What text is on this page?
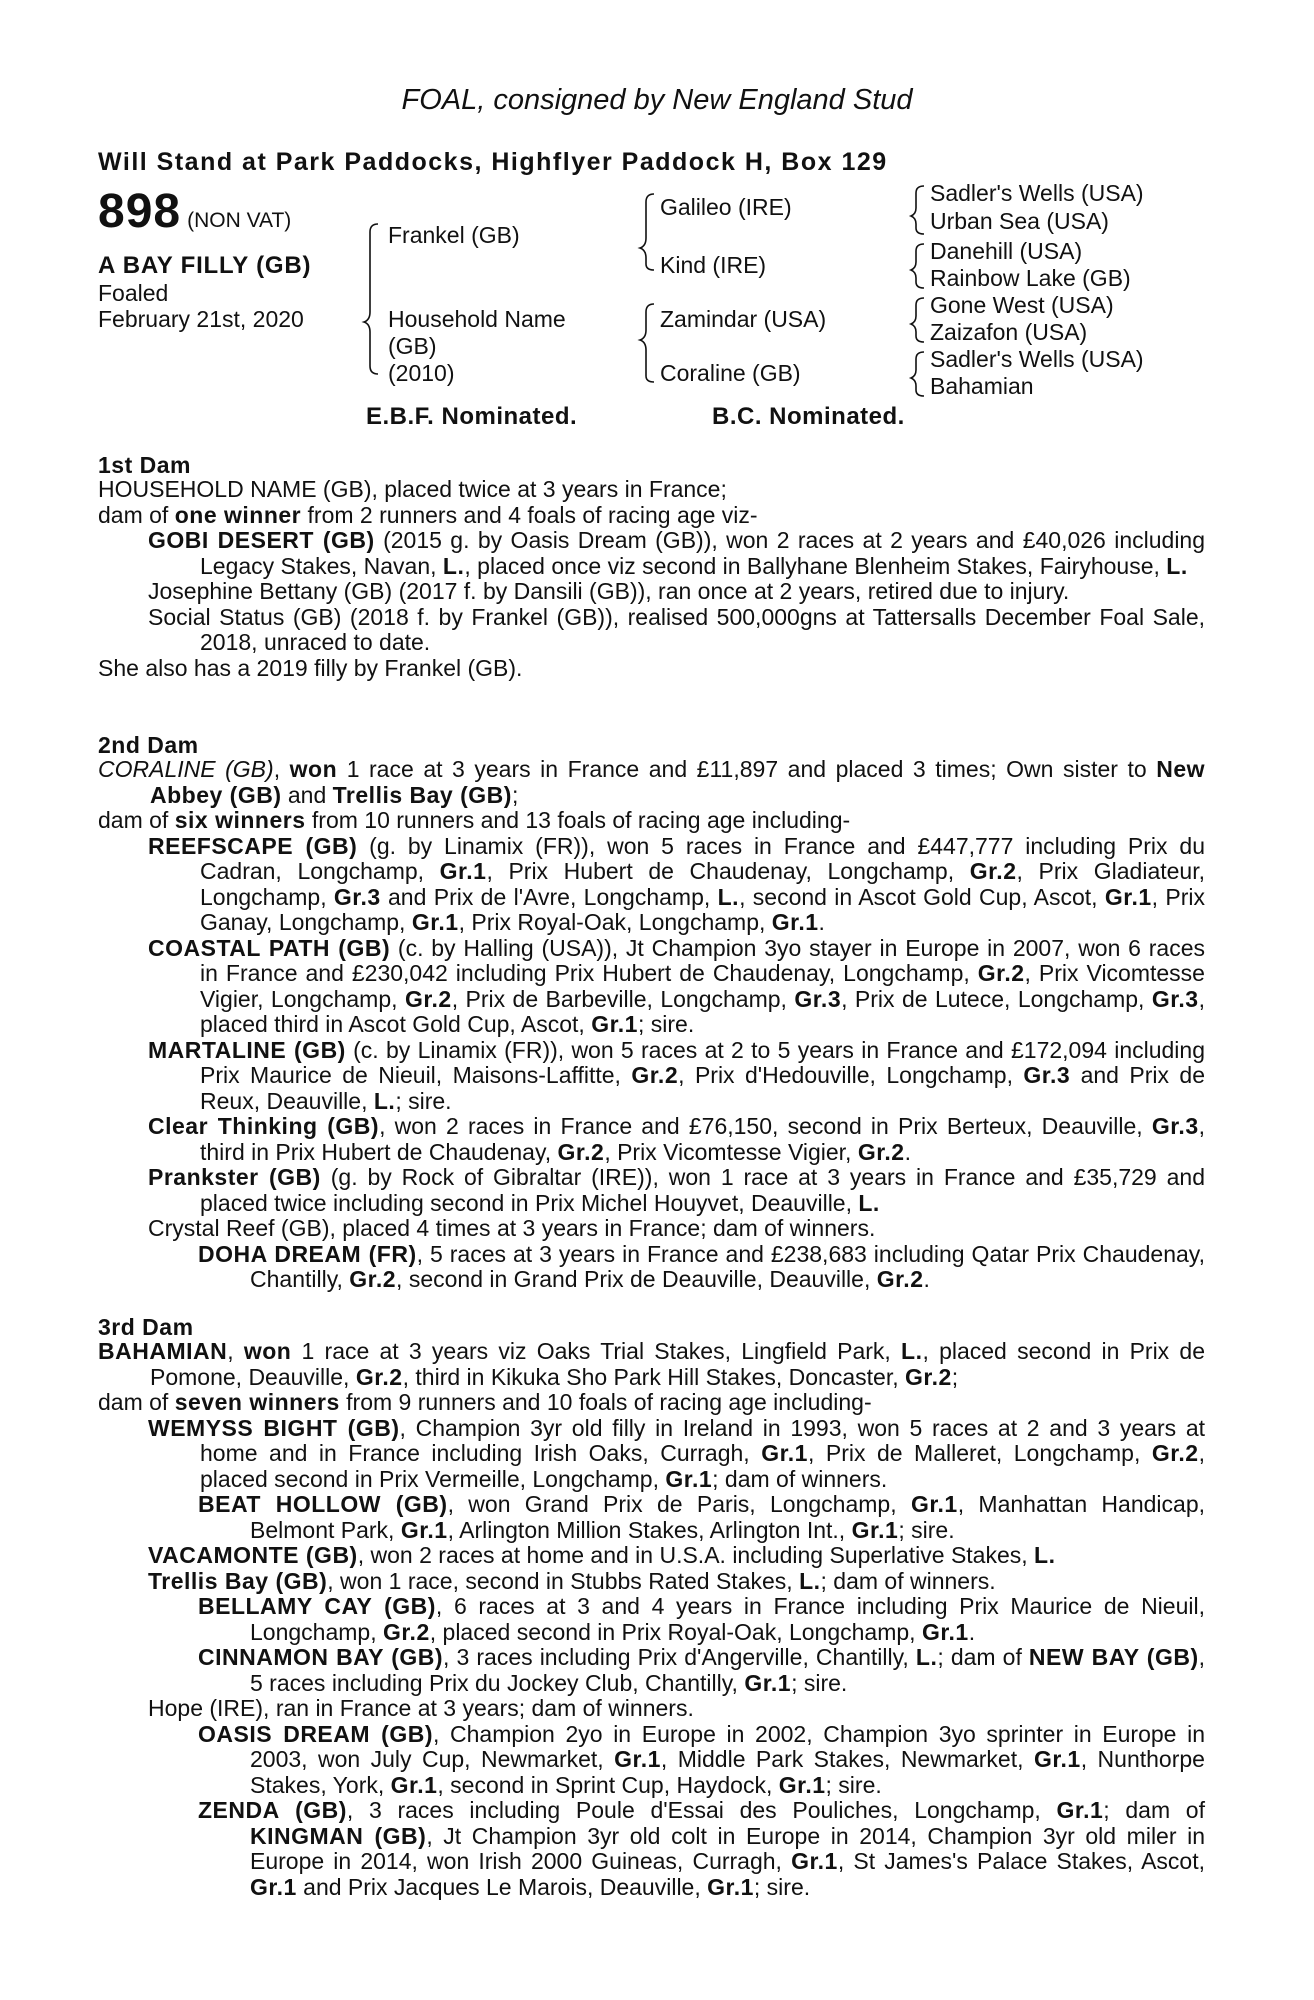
FOAL, consigned by New England Stud
Will Stand at Park Paddocks, Highflyer Paddock H, Box 129
898 (NON VAT)
A BAY FILLY (GB)
Foaled
February 21st, 2020
Frankel (GB)
Household Name
(GB)
(2010)
Galileo (IRE)
Kind (IRE)
Zamindar (USA)
Coraline (GB)
Sadler's Wells (USA)
Urban Sea (USA)
Danehill (USA)
Rainbow Lake (GB)
Gone West (USA)
Zaizafon (USA)
Sadler's Wells (USA)
Bahamian
E.B.F. Nominated.	B.C. Nominated.
1st Dam
HOUSEHOLD NAME (GB), placed twice at 3 years in France;
dam of one winner from 2 runners and 4 foals of racing age viz-
GOBI DESERT (GB) (2015 g. by Oasis Dream (GB)), won 2 races at 2 years and £40,026 including Legacy Stakes, Navan, L., placed once viz second in Ballyhane Blenheim Stakes, Fairyhouse, L.
Josephine Bettany (GB) (2017 f. by Dansili (GB)), ran once at 2 years, retired due to injury.
Social Status (GB) (2018 f. by Frankel (GB)), realised 500,000gns at Tattersalls December Foal Sale, 2018, unraced to date.
She also has a 2019 filly by Frankel (GB).
2nd Dam
CORALINE (GB), won 1 race at 3 years in France and £11,897 and placed 3 times; Own sister to New Abbey (GB) and Trellis Bay (GB);
dam of six winners from 10 runners and 13 foals of racing age including-
REEFSCAPE (GB) (g. by Linamix (FR)), won 5 races in France and £447,777 including Prix du Cadran, Longchamp, Gr.1, Prix Hubert de Chaudenay, Longchamp, Gr.2, Prix Gladiateur, Longchamp, Gr.3 and Prix de l'Avre, Longchamp, L., second in Ascot Gold Cup, Ascot, Gr.1, Prix Ganay, Longchamp, Gr.1, Prix Royal-Oak, Longchamp, Gr.1.
COASTAL PATH (GB) (c. by Halling (USA)), Jt Champion 3yo stayer in Europe in 2007, won 6 races in France and £230,042 including Prix Hubert de Chaudenay, Longchamp, Gr.2, Prix Vicomtesse Vigier, Longchamp, Gr.2, Prix de Barbeville, Longchamp, Gr.3, Prix de Lutece, Longchamp, Gr.3, placed third in Ascot Gold Cup, Ascot, Gr.1; sire.
MARTALINE (GB) (c. by Linamix (FR)), won 5 races at 2 to 5 years in France and £172,094 including Prix Maurice de Nieuil, Maisons-Laffitte, Gr.2, Prix d'Hedouville, Longchamp, Gr.3 and Prix de Reux, Deauville, L.; sire.
Clear Thinking (GB), won 2 races in France and £76,150, second in Prix Berteux, Deauville, Gr.3, third in Prix Hubert de Chaudenay, Gr.2, Prix Vicomtesse Vigier, Gr.2.
Prankster (GB) (g. by Rock of Gibraltar (IRE)), won 1 race at 3 years in France and £35,729 and placed twice including second in Prix Michel Houyvet, Deauville, L.
Crystal Reef (GB), placed 4 times at 3 years in France; dam of winners.
DOHA DREAM (FR), 5 races at 3 years in France and £238,683 including Qatar Prix Chaudenay, Chantilly, Gr.2, second in Grand Prix de Deauville, Deauville, Gr.2.
3rd Dam
BAHAMIAN, won 1 race at 3 years viz Oaks Trial Stakes, Lingfield Park, L., placed second in Prix de Pomone, Deauville, Gr.2, third in Kikuka Sho Park Hill Stakes, Doncaster, Gr.2;
dam of seven winners from 9 runners and 10 foals of racing age including-
WEMYSS BIGHT (GB), Champion 3yr old filly in Ireland in 1993, won 5 races at 2 and 3 years at home and in France including Irish Oaks, Curragh, Gr.1, Prix de Malleret, Longchamp, Gr.2, placed second in Prix Vermeille, Longchamp, Gr.1; dam of winners.
BEAT HOLLOW (GB), won Grand Prix de Paris, Longchamp, Gr.1, Manhattan Handicap, Belmont Park, Gr.1, Arlington Million Stakes, Arlington Int., Gr.1; sire.
VACAMONTE (GB), won 2 races at home and in U.S.A. including Superlative Stakes, L.
Trellis Bay (GB), won 1 race, second in Stubbs Rated Stakes, L.; dam of winners.
BELLAMY CAY (GB), 6 races at 3 and 4 years in France including Prix Maurice de Nieuil, Longchamp, Gr.2, placed second in Prix Royal-Oak, Longchamp, Gr.1.
CINNAMON BAY (GB), 3 races including Prix d'Angerville, Chantilly, L.; dam of NEW BAY (GB), 5 races including Prix du Jockey Club, Chantilly, Gr.1; sire.
Hope (IRE), ran in France at 3 years; dam of winners.
OASIS DREAM (GB), Champion 2yo in Europe in 2002, Champion 3yo sprinter in Europe in 2003, won July Cup, Newmarket, Gr.1, Middle Park Stakes, Newmarket, Gr.1, Nunthorpe Stakes, York, Gr.1, second in Sprint Cup, Haydock, Gr.1; sire.
ZENDA (GB), 3 races including Poule d'Essai des Pouliches, Longchamp, Gr.1; dam of KINGMAN (GB), Jt Champion 3yr old colt in Europe in 2014, Champion 3yr old miler in Europe in 2014, won Irish 2000 Guineas, Curragh, Gr.1, St James's Palace Stakes, Ascot, Gr.1 and Prix Jacques Le Marois, Deauville, Gr.1; sire.
